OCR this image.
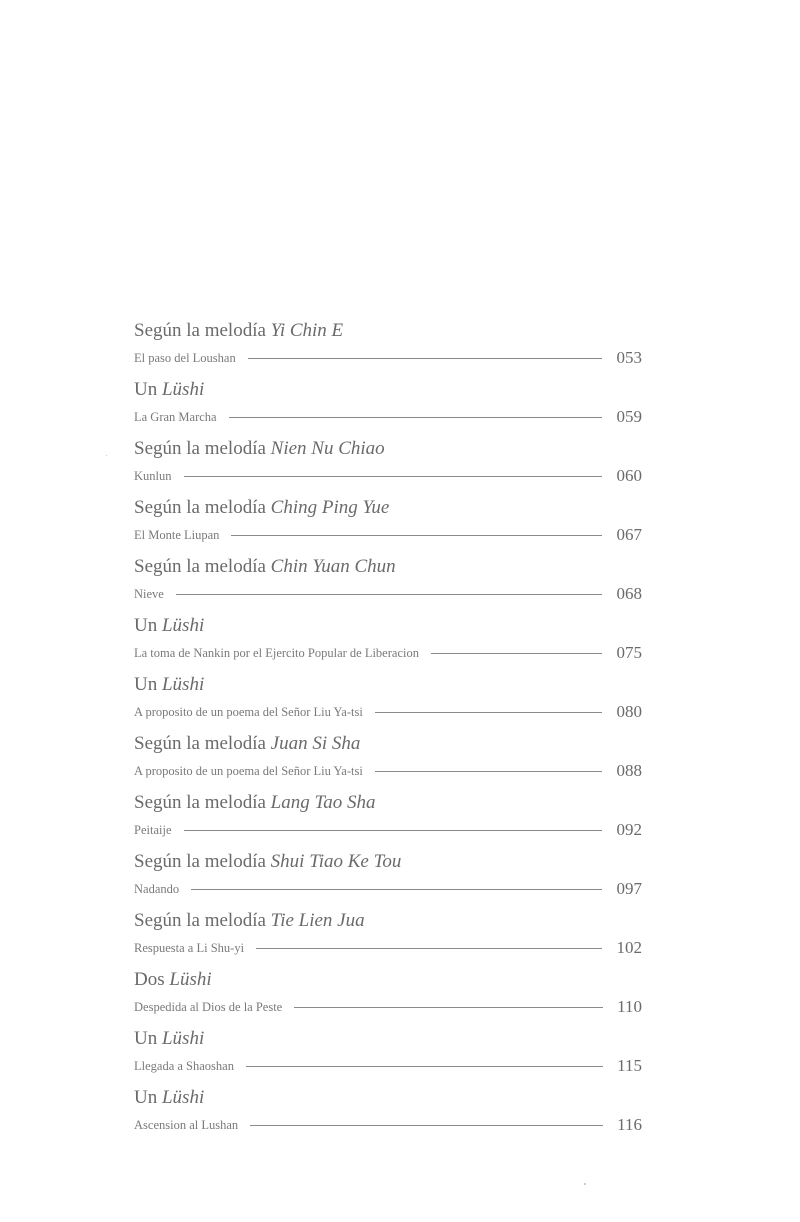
Según la melodía Yi Chin E
El paso del Loushan	053
Un Lüshi
La Gran Marcha	059
Según la melodía Nien Nu Chiao
Kunlun	060
Según la melodía Ching Ping Yue
El Monte Liupan	067
Según la melodía Chin Yuan Chun
Nieve	068
Un Lüshi
La toma de Nankin por el Ejercito Popular de Liberacion	075
Un Lüshi
A proposito de un poema del Señor Liu Ya-tsi	080
Según la melodía Juan Si Sha
A proposito de un poema del Señor Liu Ya-tsi	088
Según la melodía Lang Tao Sha
Peitaije	092
Según la melodía Shui Tiao Ke Tou
Nadando	097
Según la melodía Tie Lien Jua
Respuesta a Li Shu-yi	102
Dos Lüshi
Despedida al Dios de la Peste	110
Un Lüshi
Llegada a Shaoshan	115
Un Lüshi
Ascension al Lushan	116
